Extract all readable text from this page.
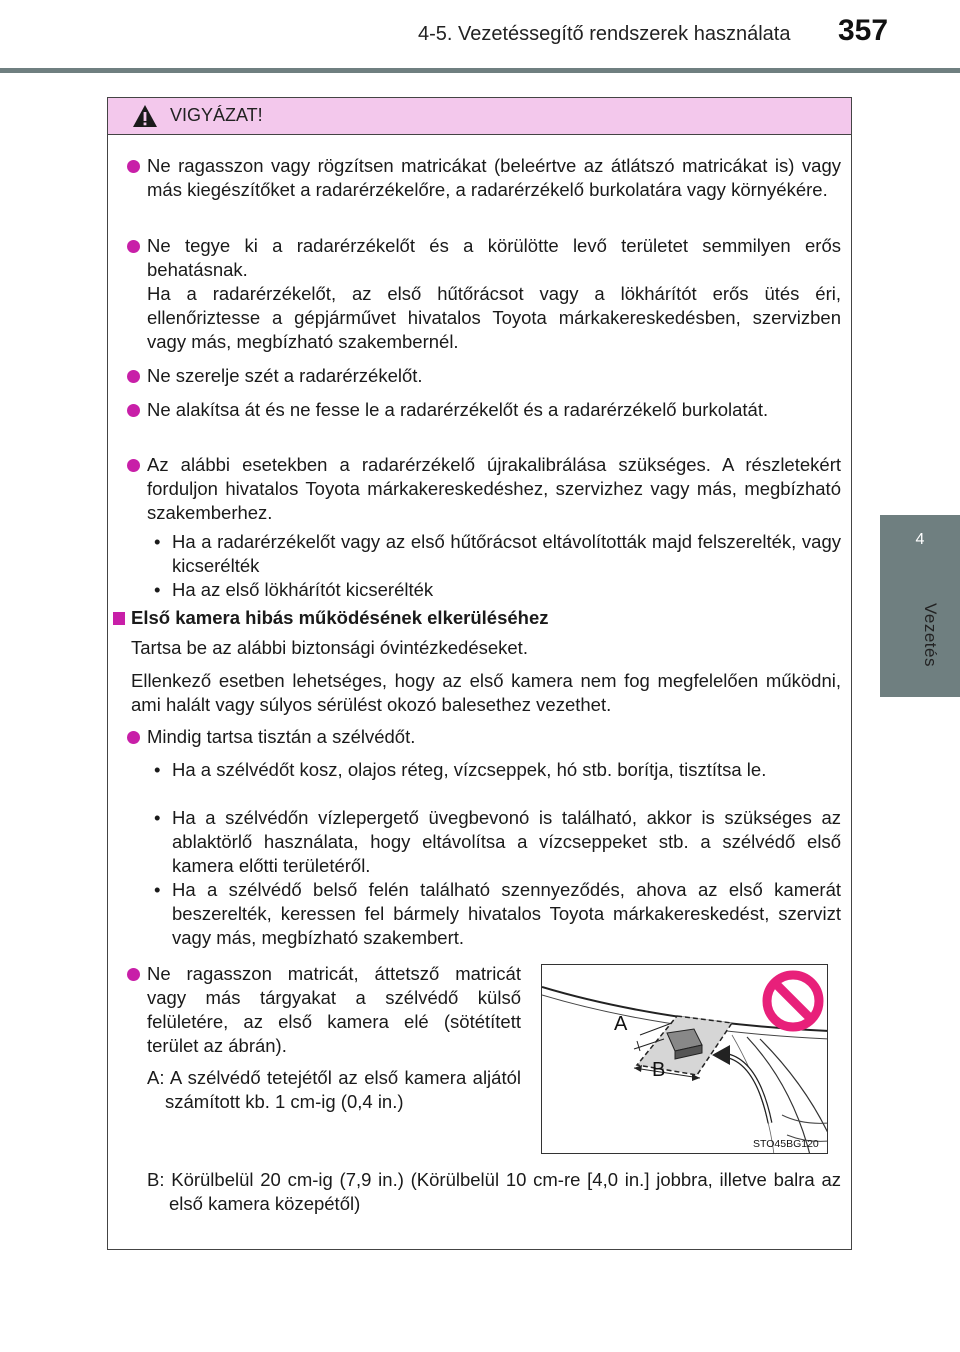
4-5. Vezetéssegítő rendszerek használata 357
4
Vezetés
VIGYÁZAT!
Ne ragasszon vagy rögzítsen matricákat (beleértve az átlátszó matricákat is) vagy más kiegészítőket a radarérzékelőre, a radarérzékelő burkolatára vagy környékére.
Ne tegye ki a radarérzékelőt és a körülötte levő területet semmilyen erős behatásnak.
Ha a radarérzékelőt, az első hűtőrácsot vagy a lökhárítót erős ütés éri, ellenőriztesse a gépjárművet hivatalos Toyota márkakereskedésben, szervizben vagy más, megbízható szakembernél.
Ne szerelje szét a radarérzékelőt.
Ne alakítsa át és ne fesse le a radarérzékelőt és a radarérzékelő burkolatát.
Az alábbi esetekben a radarérzékelő újrakalibrálása szükséges. A részletekért forduljon hivatalos Toyota márkakereskedéshez, szervizhez vagy más, megbízható szakemberhez.
• Ha a radarérzékelőt vagy az első hűtőrácsot eltávolították majd felszerelték, vagy kicserélték
• Ha az első lökhárítót kicserélték
Első kamera hibás működésének elkerüléséhez
Tartsa be az alábbi biztonsági óvintézkedéseket.
Ellenkező esetben lehetséges, hogy az első kamera nem fog megfelelően működni, ami halált vagy súlyos sérülést okozó balesethez vezethet.
Mindig tartsa tisztán a szélvédőt.
• Ha a szélvédőt kosz, olajos réteg, vízcseppek, hó stb. borítja, tisztítsa le.
• Ha a szélvédőn vízlepergető üvegbevonó is található, akkor is szükséges az ablaktörlő használata, hogy eltávolítsa a vízcseppeket stb. a szélvédő első kamera előtti területéről.
• Ha a szélvédő belső felén található szennyeződés, ahova az első kamerát beszerelték, keressen fel bármely hivatalos Toyota márkakereskedést, szervizt vagy más, megbízható szakembert.
Ne ragasszon matricát, áttetsző matricát vagy más tárgyakat a szélvédő külső felületére, az első kamera elé (sötétített terület az ábrán).
A: A szélvédő tetejétől az első kamera aljától számított kb. 1 cm-ig (0,4 in.)
A
B
STO45BG120
B: Körülbelül 20 cm-ig (7,9 in.) (Körülbelül 10 cm-re [4,0 in.] jobbra, illetve balra az első kamera közepétől)
